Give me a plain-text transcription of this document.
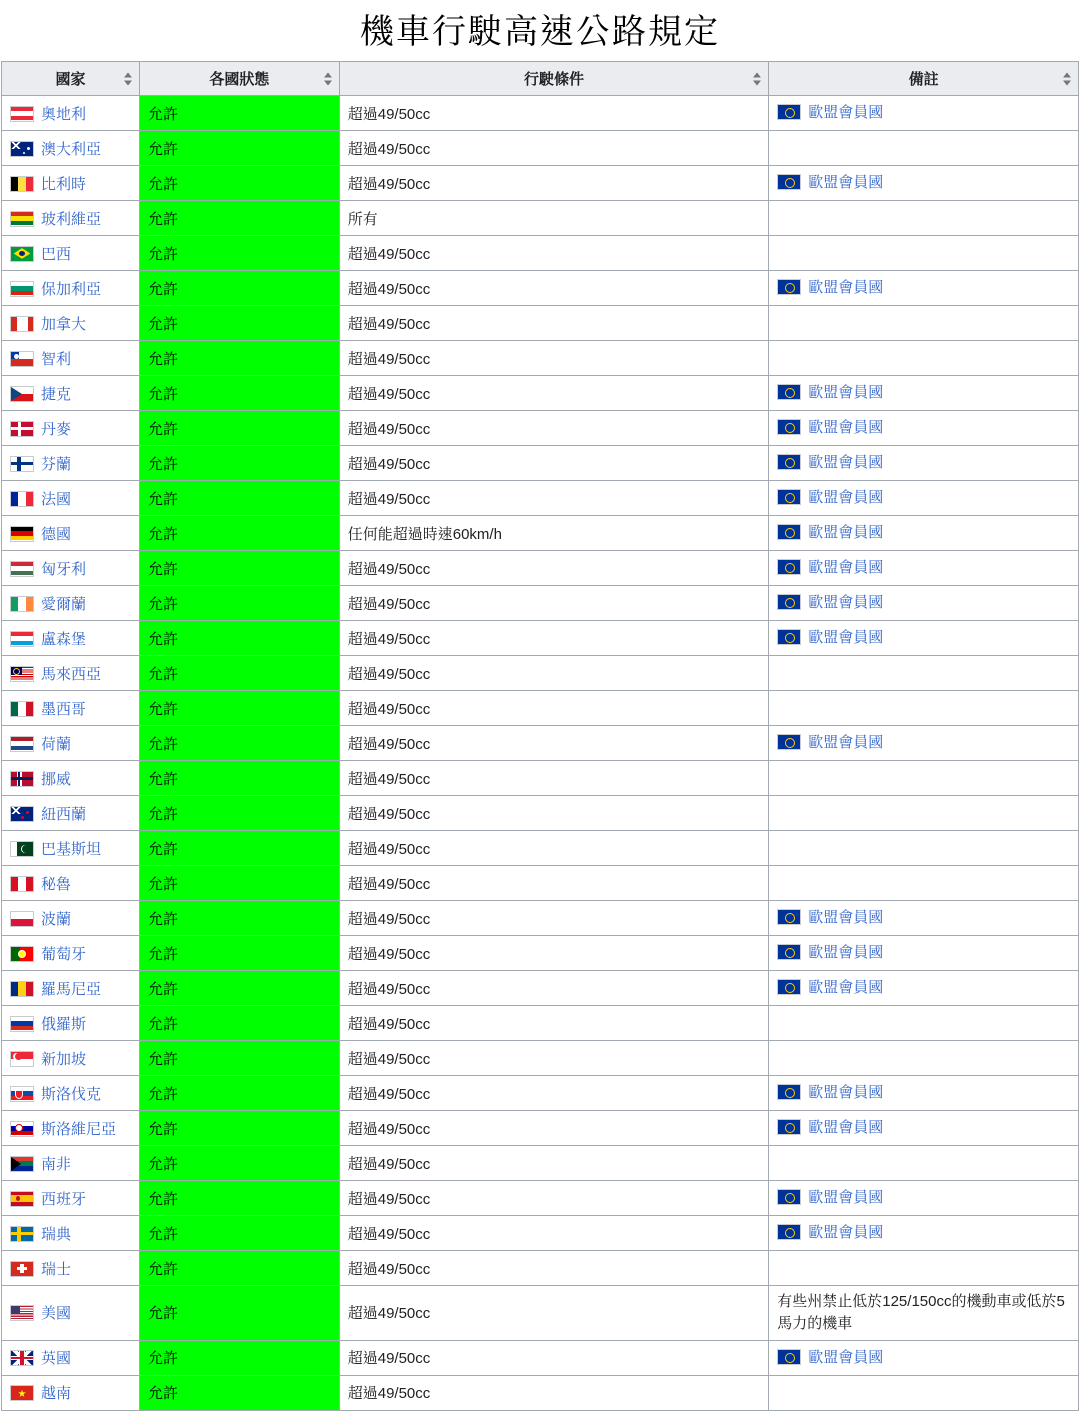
機車行駛高速公路規定
國家	各國狀態	行駛條件	備註

奧地利	允許	超過49/50cc	歐盟會員國

澳大利亞	允許	超過49/50cc	

比利時	允許	超過49/50cc	歐盟會員國

玻利維亞	允許	所有	

巴西	允許	超過49/50cc	

保加利亞	允許	超過49/50cc	歐盟會員國

加拿大	允許	超過49/50cc	

智利	允許	超過49/50cc	

捷克	允許	超過49/50cc	歐盟會員國

丹麥	允許	超過49/50cc	歐盟會員國

芬蘭	允許	超過49/50cc	歐盟會員國

法國	允許	超過49/50cc	歐盟會員國

德國	允許	任何能超過時速60km/h	歐盟會員國

匈牙利	允許	超過49/50cc	歐盟會員國

愛爾蘭	允許	超過49/50cc	歐盟會員國

盧森堡	允許	超過49/50cc	歐盟會員國

馬來西亞	允許	超過49/50cc	

墨西哥	允許	超過49/50cc	

荷蘭	允許	超過49/50cc	歐盟會員國

挪威	允許	超過49/50cc	

紐西蘭	允許	超過49/50cc	

巴基斯坦	允許	超過49/50cc	

秘魯	允許	超過49/50cc	

波蘭	允許	超過49/50cc	歐盟會員國

葡萄牙	允許	超過49/50cc	歐盟會員國

羅馬尼亞	允許	超過49/50cc	歐盟會員國

俄羅斯	允許	超過49/50cc	

新加坡	允許	超過49/50cc	

斯洛伐克	允許	超過49/50cc	歐盟會員國

斯洛維尼亞	允許	超過49/50cc	歐盟會員國

南非	允許	超過49/50cc	

西班牙	允許	超過49/50cc	歐盟會員國

瑞典	允許	超過49/50cc	歐盟會員國

瑞士	允許	超過49/50cc	

美國	允許	超過49/50cc	有些州禁止低於125/150cc的機動車或低於5馬力的機車

英國	允許	超過49/50cc	歐盟會員國

越南	允許	超過49/50cc	
